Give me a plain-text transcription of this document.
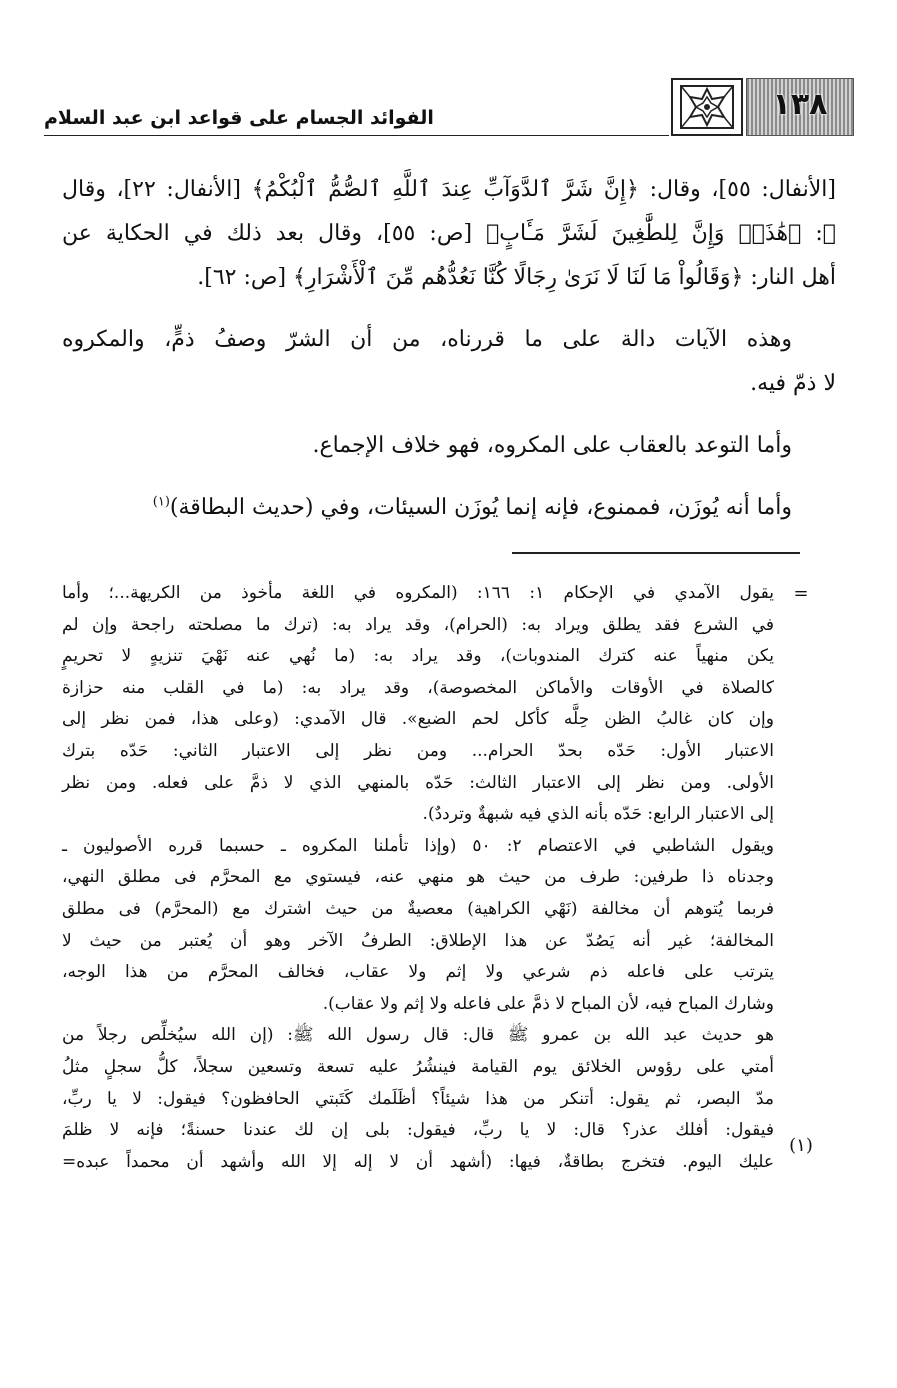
الفوائد الجسام على قواعد ابن عبد السلام	١٣٨
[الأنفال: ٥٥]، وقال: ﴿إِنَّ شَرَّ ٱلدَّوَآبِّ عِندَ ٱللَّهِ ٱلصُّمُّ ٱلْبُكْمُ﴾ [الأنفال: ٢٢]، وقال
ﷻ: ﴿هَٰذَاۚ وَإِنَّ لِلطَّٰغِينَ لَشَرَّ مَـَٔابٍ﴾ [ص: ٥٥]، وقال بعد ذلك في الحكاية عن
أهل النار: ﴿وَقَالُواْ مَا لَنَا لَا نَرَىٰ رِجَالًا كُنَّا نَعُدُّهُم مِّنَ ٱلْأَشْرَارِ﴾ [ص: ٦٢].
وهذه الآيات دالة على ما قررناه، من أن الشرّ وصفُ ذمٍّ، والمكروه
لا ذمّ فيه.
وأما التوعد بالعقاب على المكروه، فهو خلاف الإجماع.
وأما أنه يُوزَن، فممنوع، فإنه إنما يُوزَن السيئات، وفي (حديث البطاقة)$^{(١)}$
=
(١)
يقول الآمدي في الإحكام ١: ١٦٦: (المكروه في اللغة مأخوذ من الكريهة...؛ وأما
في الشرع فقد يطلق ويراد به: (الحرام)، وقد يراد به: (ترك ما مصلحته راجحة وإن لم
يكن منهياً عنه كترك المندوبات)، وقد يراد به: (ما نُهي عنه نَهْيَ تنزيهٍ لا تحريمٍ
كالصلاة في الأوقات والأماكن المخصوصة)، وقد يراد به: (ما في القلب منه حزازة
وإن كان غالبُ الظن حِلَّه كأكل لحم الضبع». قال الآمدي: (وعلى هذا، فمن نظر إلى
الاعتبار الأول: حَدّه بحدّ الحرام... ومن نظر إلى الاعتبار الثاني: حَدّه بترك
الأولى. ومن نظر إلى الاعتبار الثالث: حَدّه بالمنهي الذي لا ذمَّ على فعله. ومن نظر
إلى الاعتبار الرابع: حَدّه بأنه الذي فيه شبهةٌ وترددٌ).
ويقول الشاطبي في الاعتصام ٢: ٥٠ (وإذا تأملنا المكروه ـ حسبما قرره الأصوليون ـ
وجدناه ذا طرفين: طرف من حيث هو منهي عنه، فيستوي مع المحرَّم فى مطلق النهي،
فربما يُتوهم أن مخالفة (نَهْي الكراهية) معصيةٌ من حيث اشترك مع (المحرَّم) فى مطلق
المخالفة؛ غير أنه يَصُدّ عن هذا الإطلاق: الطرفُ الآخر وهو أن يُعتبر من حيث لا
يترتب على فاعله ذم شرعي ولا إثم ولا عقاب، فخالف المحرَّم من هذا الوجه،
وشارك المباح فيه، لأن المباح لا ذمَّ على فاعله ولا إثم ولا عقاب).
هو حديث عبد الله بن عمرو ﷺ قال: قال رسول الله ﷺ: (إن الله سيُخلِّص رجلاً من
أمتي على رؤوس الخلائق يوم القيامة فينشُرُ عليه تسعة وتسعين سجلاً، كلُّ سجلٍ مثلُ
مدّ البصر، ثم يقول: أتنكر من هذا شيئاً؟ أظَلَمك كَتَبتي الحافظون؟ فيقول: لا يا ربِّ،
فيقول: أفلك عذر؟ قال: لا يا ربِّ، فيقول: بلى إن لك عندنا حسنةً؛ فإنه لا ظلمَ
عليك اليوم. فتخرج بطاقةٌ، فيها: (أشهد أن لا إله إلا الله وأشهد أن محمداً عبده=
